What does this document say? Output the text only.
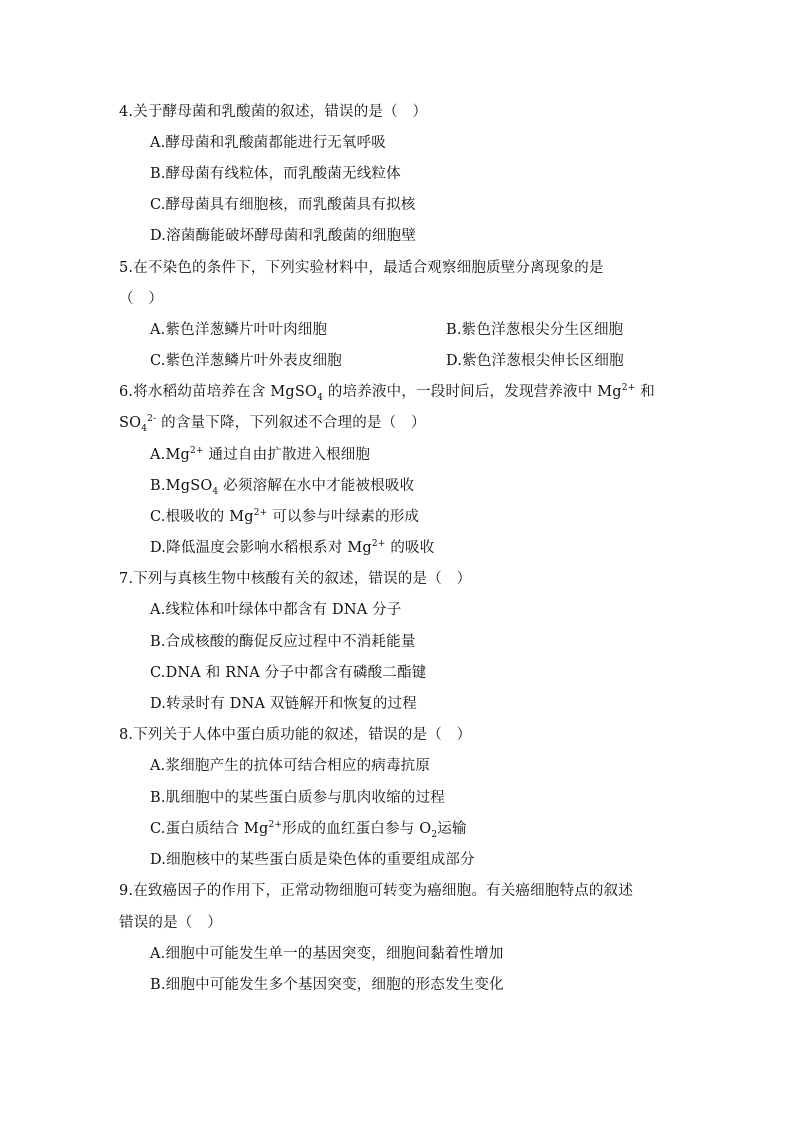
4.关于酵母菌和乳酸菌的叙述，错误的是（　）
A.酵母菌和乳酸菌都能进行无氧呼吸
B.酵母菌有线粒体，而乳酸菌无线粒体
C.酵母菌具有细胞核，而乳酸菌具有拟核
D.溶菌酶能破坏酵母菌和乳酸菌的细胞壁
5.在不染色的条件下，下列实验材料中，最适合观察细胞质壁分离现象的是
（　）
A.紫色洋葱鳞片叶叶肉细胞	B.紫色洋葱根尖分生区细胞
C.紫色洋葱鳞片叶外表皮细胞	D.紫色洋葱根尖伸长区细胞
6.将水稻幼苗培养在含 MgSO$_4$ 的培养液中，一段时间后，发现营养液中 $Mg^{2+}$ 和
$SO_4^{2-}$ 的含量下降，下列叙述不合理的是（　）
$A.Mg^{2+}$ 通过自由扩散进入根细胞
B.MgSO$_4$ 必须溶解在水中才能被根吸收
C.根吸收的 $Mg^{2+}$ 可以参与叶绿素的形成
D.降低温度会影响水稻根系对 $Mg^{2+}$ 的吸收
7.下列与真核生物中核酸有关的叙述，错误的是（　）
A.线粒体和叶绿体中都含有 DNA 分子
B.合成核酸的酶促反应过程中不消耗能量
C.DNA 和 RNA 分子中都含有磷酸二酯键
D.转录时有 DNA 双链解开和恢复的过程
8.下列关于人体中蛋白质功能的叙述，错误的是（　）
A.浆细胞产生的抗体可结合相应的病毒抗原
B.肌细胞中的某些蛋白质参与肌肉收缩的过程
C.蛋白质结合 $Mg^{2+}$形成的血红蛋白参与 $O_2$运输
D.细胞核中的某些蛋白质是染色体的重要组成部分
9.在致癌因子的作用下，正常动物细胞可转变为癌细胞。有关癌细胞特点的叙述
错误的是（　）
A.细胞中可能发生单一的基因突变，细胞间黏着性增加
B.细胞中可能发生多个基因突变，细胞的形态发生变化
